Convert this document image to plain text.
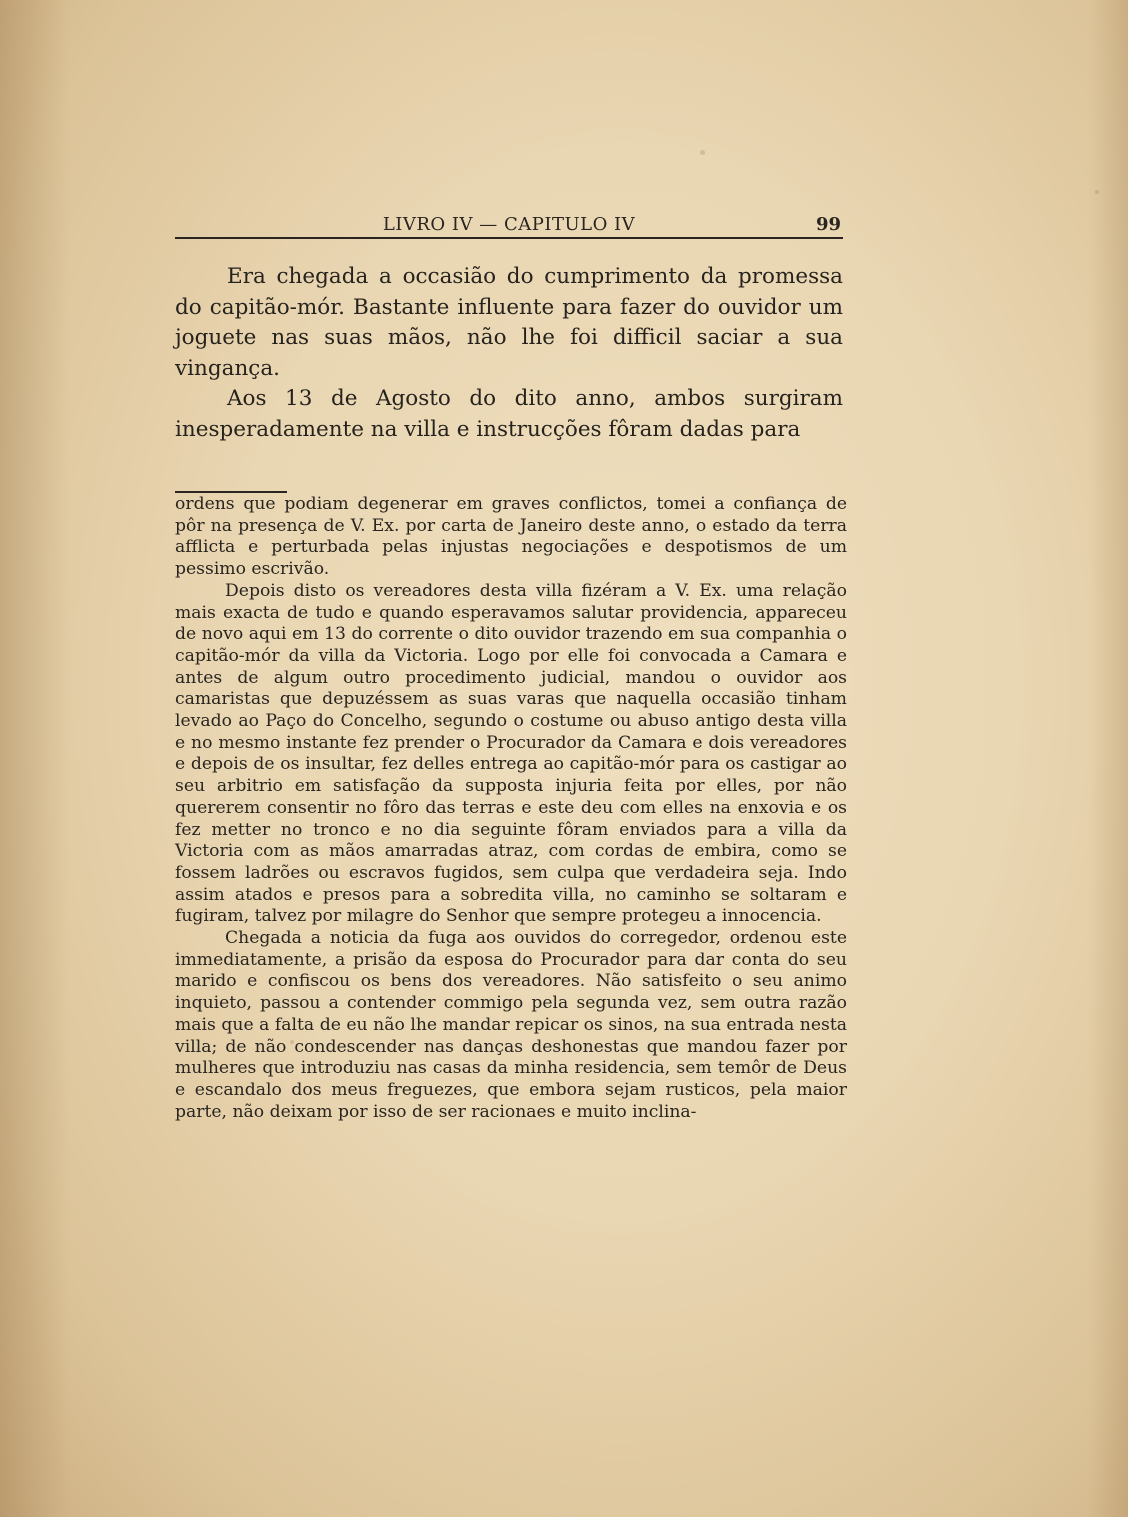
LIVRO IV — CAPITULO IV	99

Era chegada a occasião do cumprimento da promessa do capitão-mór. Bastante influente para fazer do ouvidor um joguete nas suas mãos, não lhe foi difficil saciar a sua vingança.

Aos 13 de Agosto do dito anno, ambos surgiram inesperadamente na villa e instrucções fôram dadas para

ordens que podiam degenerar em graves conflictos, tomei a confiança de pôr na presença de V. Ex. por carta de Janeiro deste anno, o estado da terra afflicta e perturbada pelas injustas negociações e despotismos de um pessimo escrivão.

Depois disto os vereadores desta villa fizéram a V. Ex. uma relação mais exacta de tudo e quando esperavamos salutar providencia, appareceu de novo aqui em 13 do corrente o dito ouvidor trazendo em sua companhia o capitão-mór da villa da Victoria. Logo por elle foi convocada a Camara e antes de algum outro procedimento judicial, mandou o ouvidor aos camaristas que depuzéssem as suas varas que naquella occasião tinham levado ao Paço do Concelho, segundo o costume ou abuso antigo desta villa e no mesmo instante fez prender o Procurador da Camara e dois vereadores e depois de os insultar, fez delles entrega ao capitão-mór para os castigar ao seu arbitrio em satisfação da supposta injuria feita por elles, por não quererem consentir no fôro das terras e este deu com elles na enxovia e os fez metter no tronco e no dia seguinte fôram enviados para a villa da Victoria com as mãos amarradas atraz, com cordas de embira, como se fossem ladrões ou escravos fugidos, sem culpa que verdadeira seja. Indo assim atados e presos para a sobredita villa, no caminho se soltaram e fugiram, talvez por milagre do Senhor que sempre protegeu a innocencia.

Chegada a noticia da fuga aos ouvidos do corregedor, ordenou este immediatamente, a prisão da esposa do Procurador para dar conta do seu marido e confiscou os bens dos vereadores. Não satisfeito o seu animo inquieto, passou a contender commigo pela segunda vez, sem outra razão mais que a falta de eu não lhe mandar repicar os sinos, na sua entrada nesta villa; de não condescender nas danças deshonestas que mandou fazer por mulheres que introduziu nas casas da minha residencia, sem temôr de Deus e escandalo dos meus freguezes, que embora sejam rusticos, pela maior parte, não deixam por isso de ser racionaes e muito inclina-
